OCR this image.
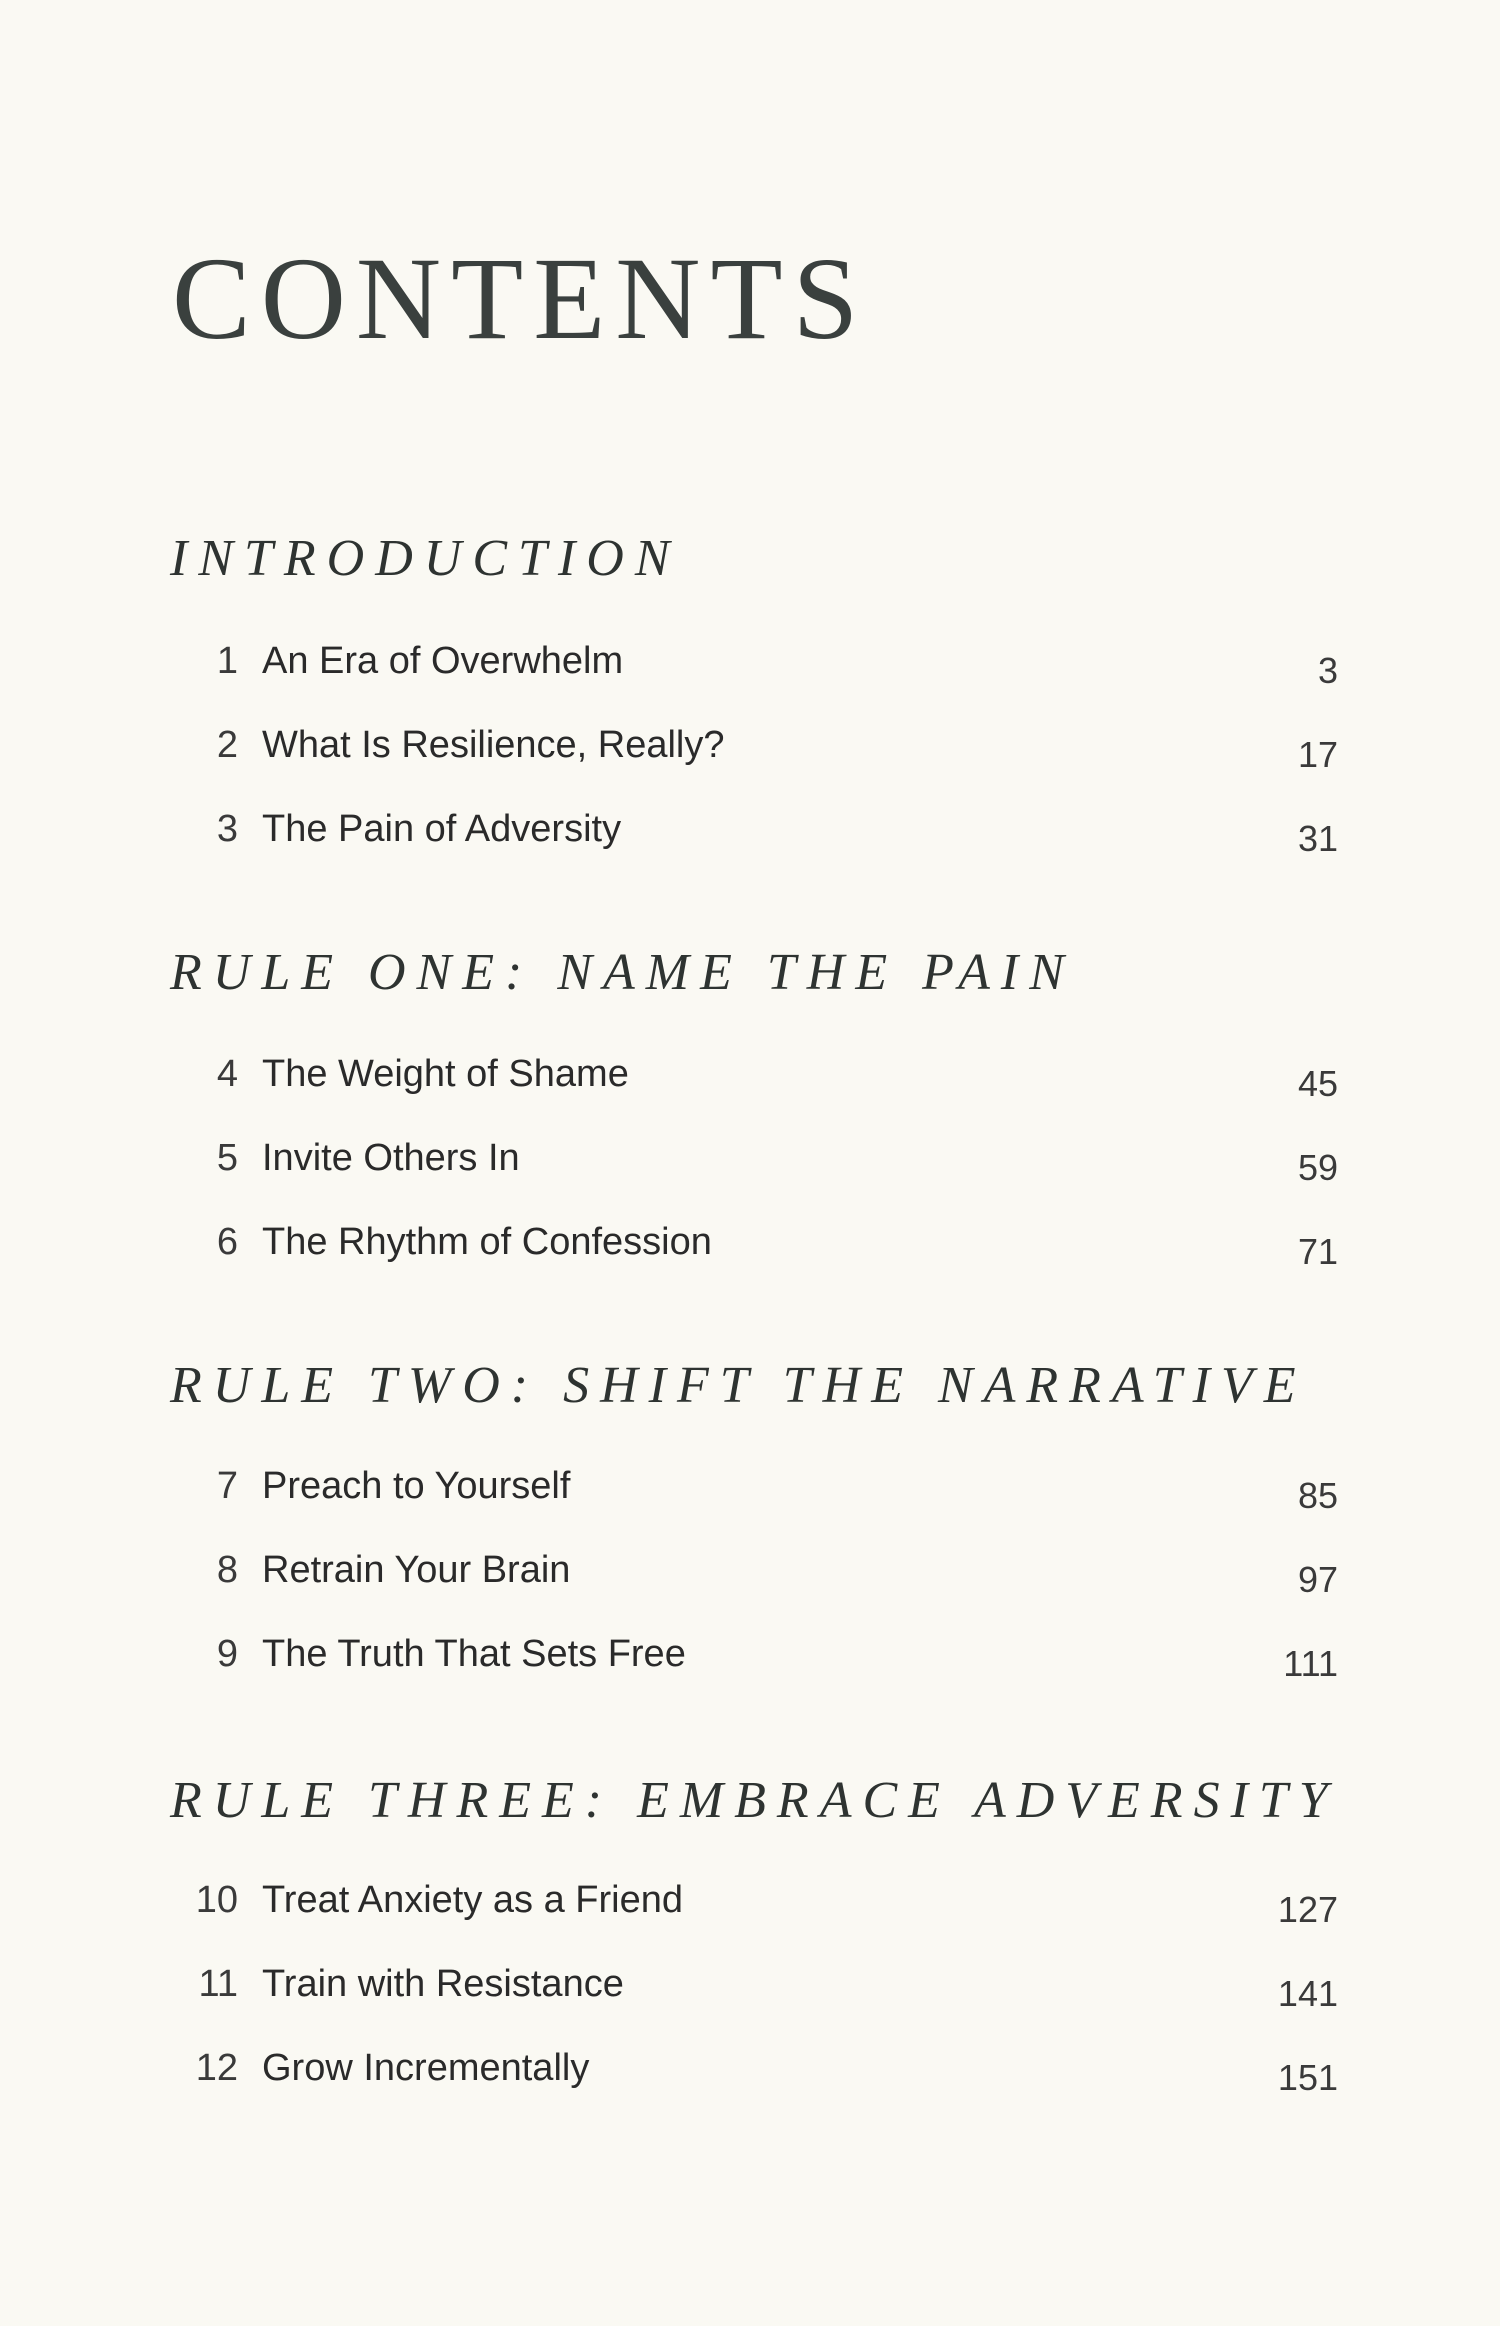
CONTENTS
INTRODUCTION
1 An Era of Overwhelm	3
2 What Is Resilience, Really?	17
3 The Pain of Adversity	31
RULE ONE: NAME THE PAIN
4 The Weight of Shame	45
5 Invite Others In	59
6 The Rhythm of Confession	71
RULE TWO: SHIFT THE NARRATIVE
7 Preach to Yourself	85
8 Retrain Your Brain	97
9 The Truth That Sets Free	111
RULE THREE: EMBRACE ADVERSITY
10 Treat Anxiety as a Friend	127
11 Train with Resistance	141
12 Grow Incrementally	151
